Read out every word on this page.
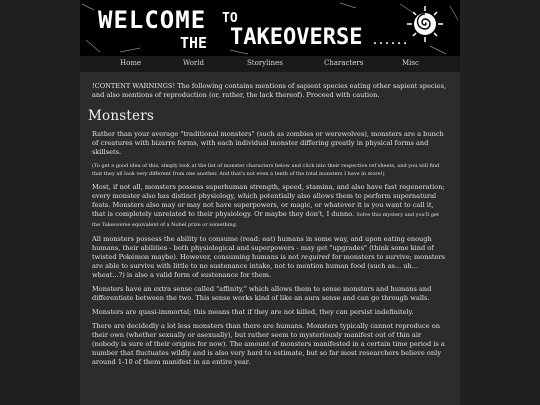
WELCOME TO
THE TAKEOVERSE ......
Home	World	Storylines	Characters	Misc

!CONTENT WARNINGS! The following contains mentions of sapient species eating other sapient species, and also mentions of reproduction (or, rather, the lack thereof). Proceed with caution.

Monsters

Rather than your average "traditional monsters" (such as zombies or werewolves), monsters are a bunch of creatures with bizarre forms, with each individual monster differing greatly in physical forms and skillsets.

(To get a good idea of this, simply look at the list of monster characters below and click into their respective ref sheets, and you will find that they all look very different from one another. And that's not even a tenth of the total monsters I have in store!)

Most, if not all, monsters possess superhuman strength, speed, stamina, and also have fast regeneration; every monster also has distinct physiology, which potentially also allows them to perform supernatural feats. Monsters also may or may not have superpowers, or magic, or whatever it is you want to call it, that is completely unrelated to their physiology. Or maybe they don't, I dunno. Solve this mystery and you'll get the Takeoverse equivalent of a Nobel prize or something.

All monsters possess the ability to consume (read: eat) humans in some way, and upon eating enough humans, their abilities - both physiological and superpowers - may get "upgrades" (think some kind of twisted Pokémon maybe). However, consuming humans is not required for monsters to survive; monsters are able to survive with little to no sustenance intake, not to mention human food (such as... uh... wheat...?) is also a valid form of sustenance for them.

Monsters have an extra sense called "affinity," which allows them to sense monsters and humans and differentiate between the two. This sense works kind of like an aura sense and can go through walls.

Monsters are quasi-immortal; this means that if they are not killed, they can persist indefinitely.

There are decidedly a lot less monsters than there are humans. Monsters typically cannot reproduce on their own (whether sexually or asexually), but rather seem to mysteriously manifest out of thin air (nobody is sure of their origins for now). The amount of monsters manifested in a certain time period is a number that fluctuates wildly and is also very hard to estimate, but so far most researchers believe only around 1-10 of them manifest in an entire year.
